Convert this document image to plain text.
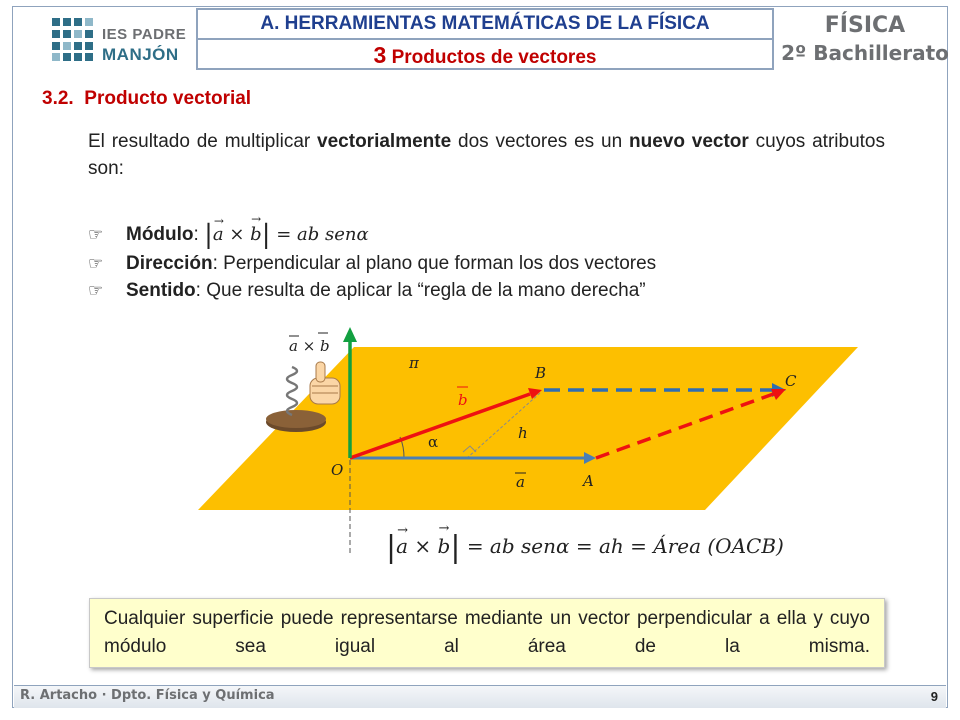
IES PADRE
MANJÓN
A. HERRAMIENTAS MATEMÁTICAS DE LA FÍSICA
3 Productos de vectores
FÍSICA
2º Bachillerato
3.2. Producto vectorial
El resultado de multiplicar vectorialmente dos vectores es un nuevo vector cuyos atributos son:
☞ Módulo: |a
→
× b
→
| = ab senα
☞ Dirección: Perpendicular al plano que forman los dos vectores
☞ Sentido: Que resulta de aplicar la “regla de la mano derecha”
a × b
π
b
a
h
α
O
A
B	C
|a
→
× b
→
| = ab senα = ah = Área (OACB)
Cualquier superficie puede representarse mediante un vector perpendicular a ella y cuyo módulo sea igual al área de la misma.
R. Artacho · Dpto. Física y Química	9
